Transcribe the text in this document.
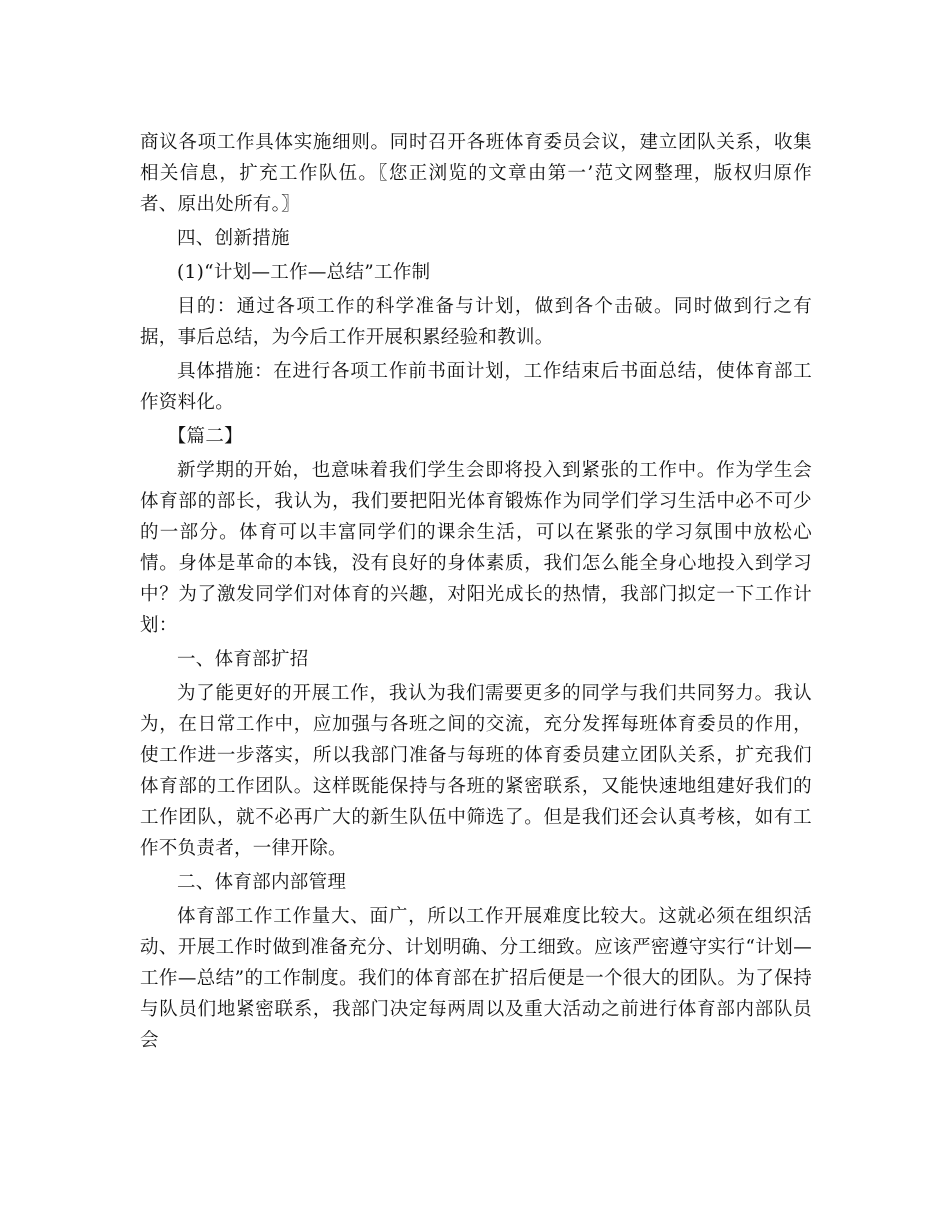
商议各项工作具体实施细则。同时召开各班体育委员会议，建立团队关系，收集相关信息，扩充工作队伍。〖您正浏览的文章由第一’范文网整理，版权归原作者、原出处所有。〗

四、创新措施

(1)“计划—工作—总结”工作制

目的：通过各项工作的科学准备与计划，做到各个击破。同时做到行之有据，事后总结，为今后工作开展积累经验和教训。

具体措施：在进行各项工作前书面计划，工作结束后书面总结，使体育部工作资料化。

【篇二】

新学期的开始，也意味着我们学生会即将投入到紧张的工作中。作为学生会体育部的部长，我认为，我们要把阳光体育锻炼作为同学们学习生活中必不可少的一部分。体育可以丰富同学们的课余生活，可以在紧张的学习氛围中放松心情。身体是革命的本钱，没有良好的身体素质，我们怎么能全身心地投入到学习中？为了激发同学们对体育的兴趣，对阳光成长的热情，我部门拟定一下工作计划：

一、体育部扩招

为了能更好的开展工作，我认为我们需要更多的同学与我们共同努力。我认为，在日常工作中，应加强与各班之间的交流，充分发挥每班体育委员的作用，使工作进一步落实，所以我部门准备与每班的体育委员建立团队关系，扩充我们体育部的工作团队。这样既能保持与各班的紧密联系，又能快速地组建好我们的工作团队，就不必再广大的新生队伍中筛选了。但是我们还会认真考核，如有工作不负责者，一律开除。

二、体育部内部管理

体育部工作工作量大、面广，所以工作开展难度比较大。这就必须在组织活动、开展工作时做到准备充分、计划明确、分工细致。应该严密遵守实行“计划—工作—总结”的工作制度。我们的体育部在扩招后便是一个很大的团队。为了保持与队员们地紧密联系，我部门决定每两周以及重大活动之前进行体育部内部队员会
